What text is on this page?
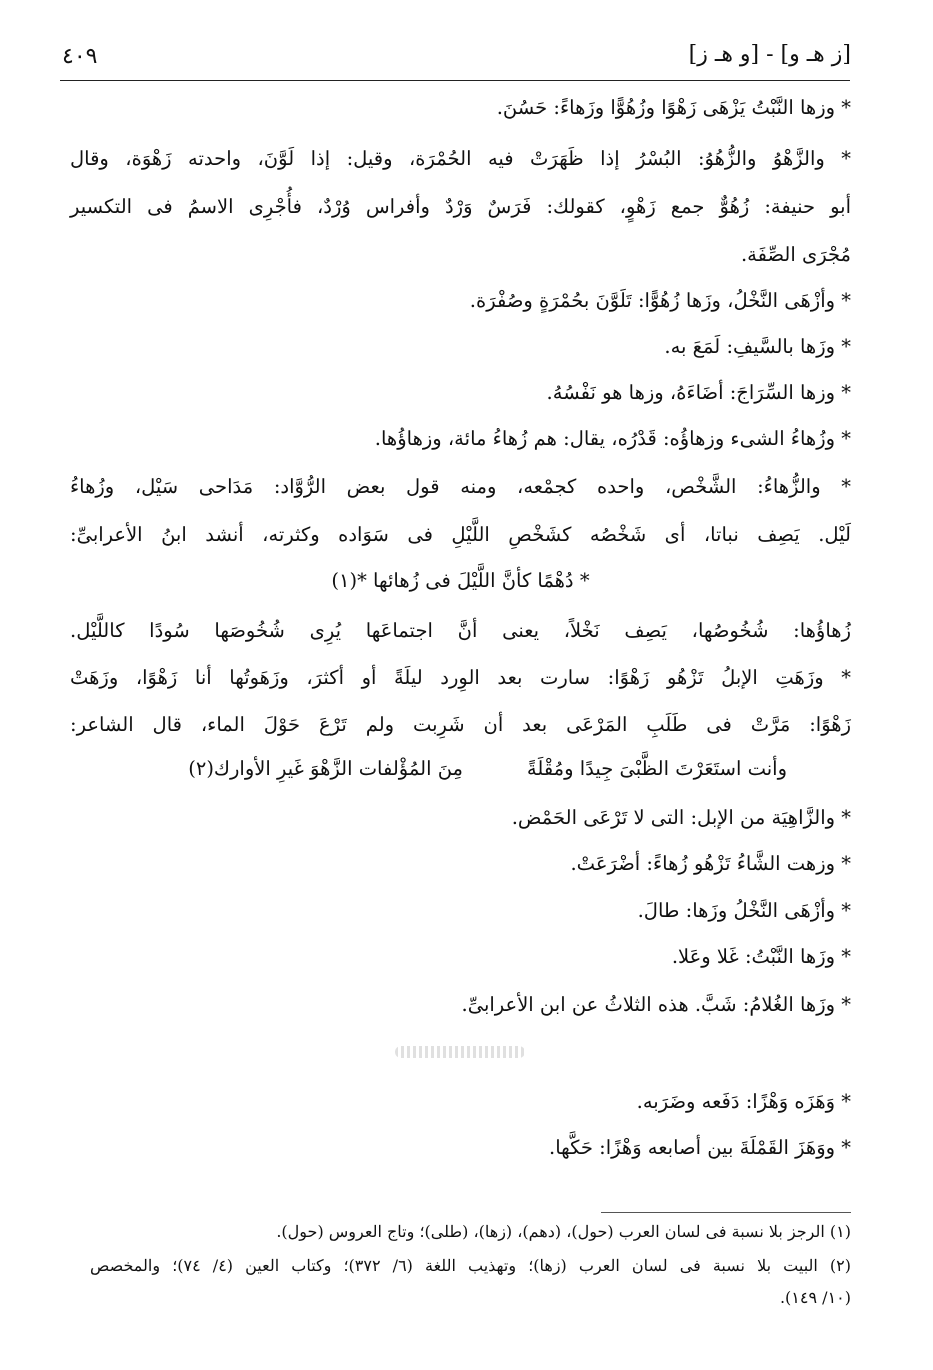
٤٠٩	[ز هـ و] - [و هـ ز]
* وزها النَّبْتُ يَزْهَى زَهْوًا وزُهُوًّا وزَهاءً: حَسُنَ.
* والزَّهْوُ والزُّهُوُ: البُسْرُ إذا ظَهَرَتْ فيه الحُمْرَة، وقيل: إذا لَوَّنَ، واحدته زَهْوَة، وقال
أبو حنيفة: زُهُوٌّ جمع زَهْوٍ، كقولك: فَرَسٌ وَرْدٌ وأفراس وُرْدٌ، فأُجْرِى الاسمُ فى التكسير
مُجْرَى الصِّفَة.
* وأزْهَى النَّخْلُ، وزَها زُهُوًّا: تَلَوَّنَ بحُمْرَةٍ وصُفْرَة.
* وزَها بالسَّيفِ: لَمَعَ به.
* وزها السِّرَاجَ: أضَاءَهُ، وزها هو نَفْسُهُ.
* وزُهاءُ الشىء وزهاؤُه: قَدْرُه، يقال: هم زُهاءُ مائة، وزهاؤُها.
* والزُّهاءُ: الشَّخْص، واحده كجمْعه، ومنه قول بعض الرُّوَّاد: مَدَاحى سَيْل، وزُهاءُ
لَيْل. يَصِف نباتا، أى شَخْصُه كشَخْصِ اللَّيْلِ فى سَوَاده وكثرته، أنشد ابنُ الأعرابىِّ:
* دُهْمًا كأنَّ اللَّيْلَ فى زُهائها *(١)
زُهاؤُها: شُخُوصُها، يَصِف نَخْلاً، يعنى أنَّ اجتماعَها يُرِى شُخُوصَها سُودًا كاللَّيْل.
* وزَهَتِ الإبلُ تَزْهُو زَهْوًا: سارت بعد الوِرد ليلَةً أو أكثرَ، وزَهَوتُها أنا زَهْوًا، وزَهَتْ
زَهْوًا: مَرَّتْ فى طَلَبِ المَرْعَى بعد أن شَرِبت ولم تَرْعَ حَوْلَ الماء، قال الشاعر:
وأنت استَعَرْتَ الظَّبْىَ جِيدًا ومُقْلَةً
مِنَ المُؤْلفات الزَّهْوَ غَيرِ الأوارك(٢)
* والزَّاهِيَة من الإبل: التى لا تَرْعَى الحَمْض.
* وزهت الشَّاءُ تَزْهُو زُهاءً: أضْرَعَتْ.
* وأزْهَى النَّخْلُ وزَها: طالَ.
* وزَها النَّبْتُ: غَلا وعَلا.
* وزَها الغُلامُ: شَبَّ. هذه الثلاثُ عن ابن الأعرابىِّ.
* وَهَزَه وَهْزًا: دَفَعه وضَرَبه.
* ووَهَزَ القَمْلَةَ بين أصابعه وَهْزًا: حَكَّها.
(١) الرجز بلا نسبة فى لسان العرب (حول)، (دهم)، (زها)، (طلى)؛ وتاج العروس (حول).
(٢) البيت بلا نسبة فى لسان العرب (زها)؛ وتهذيب اللغة (٦/ ٣٧٢)؛ وكتاب العين (٤/ ٧٤)؛ والمخصص
(١٠/ ١٤٩).
